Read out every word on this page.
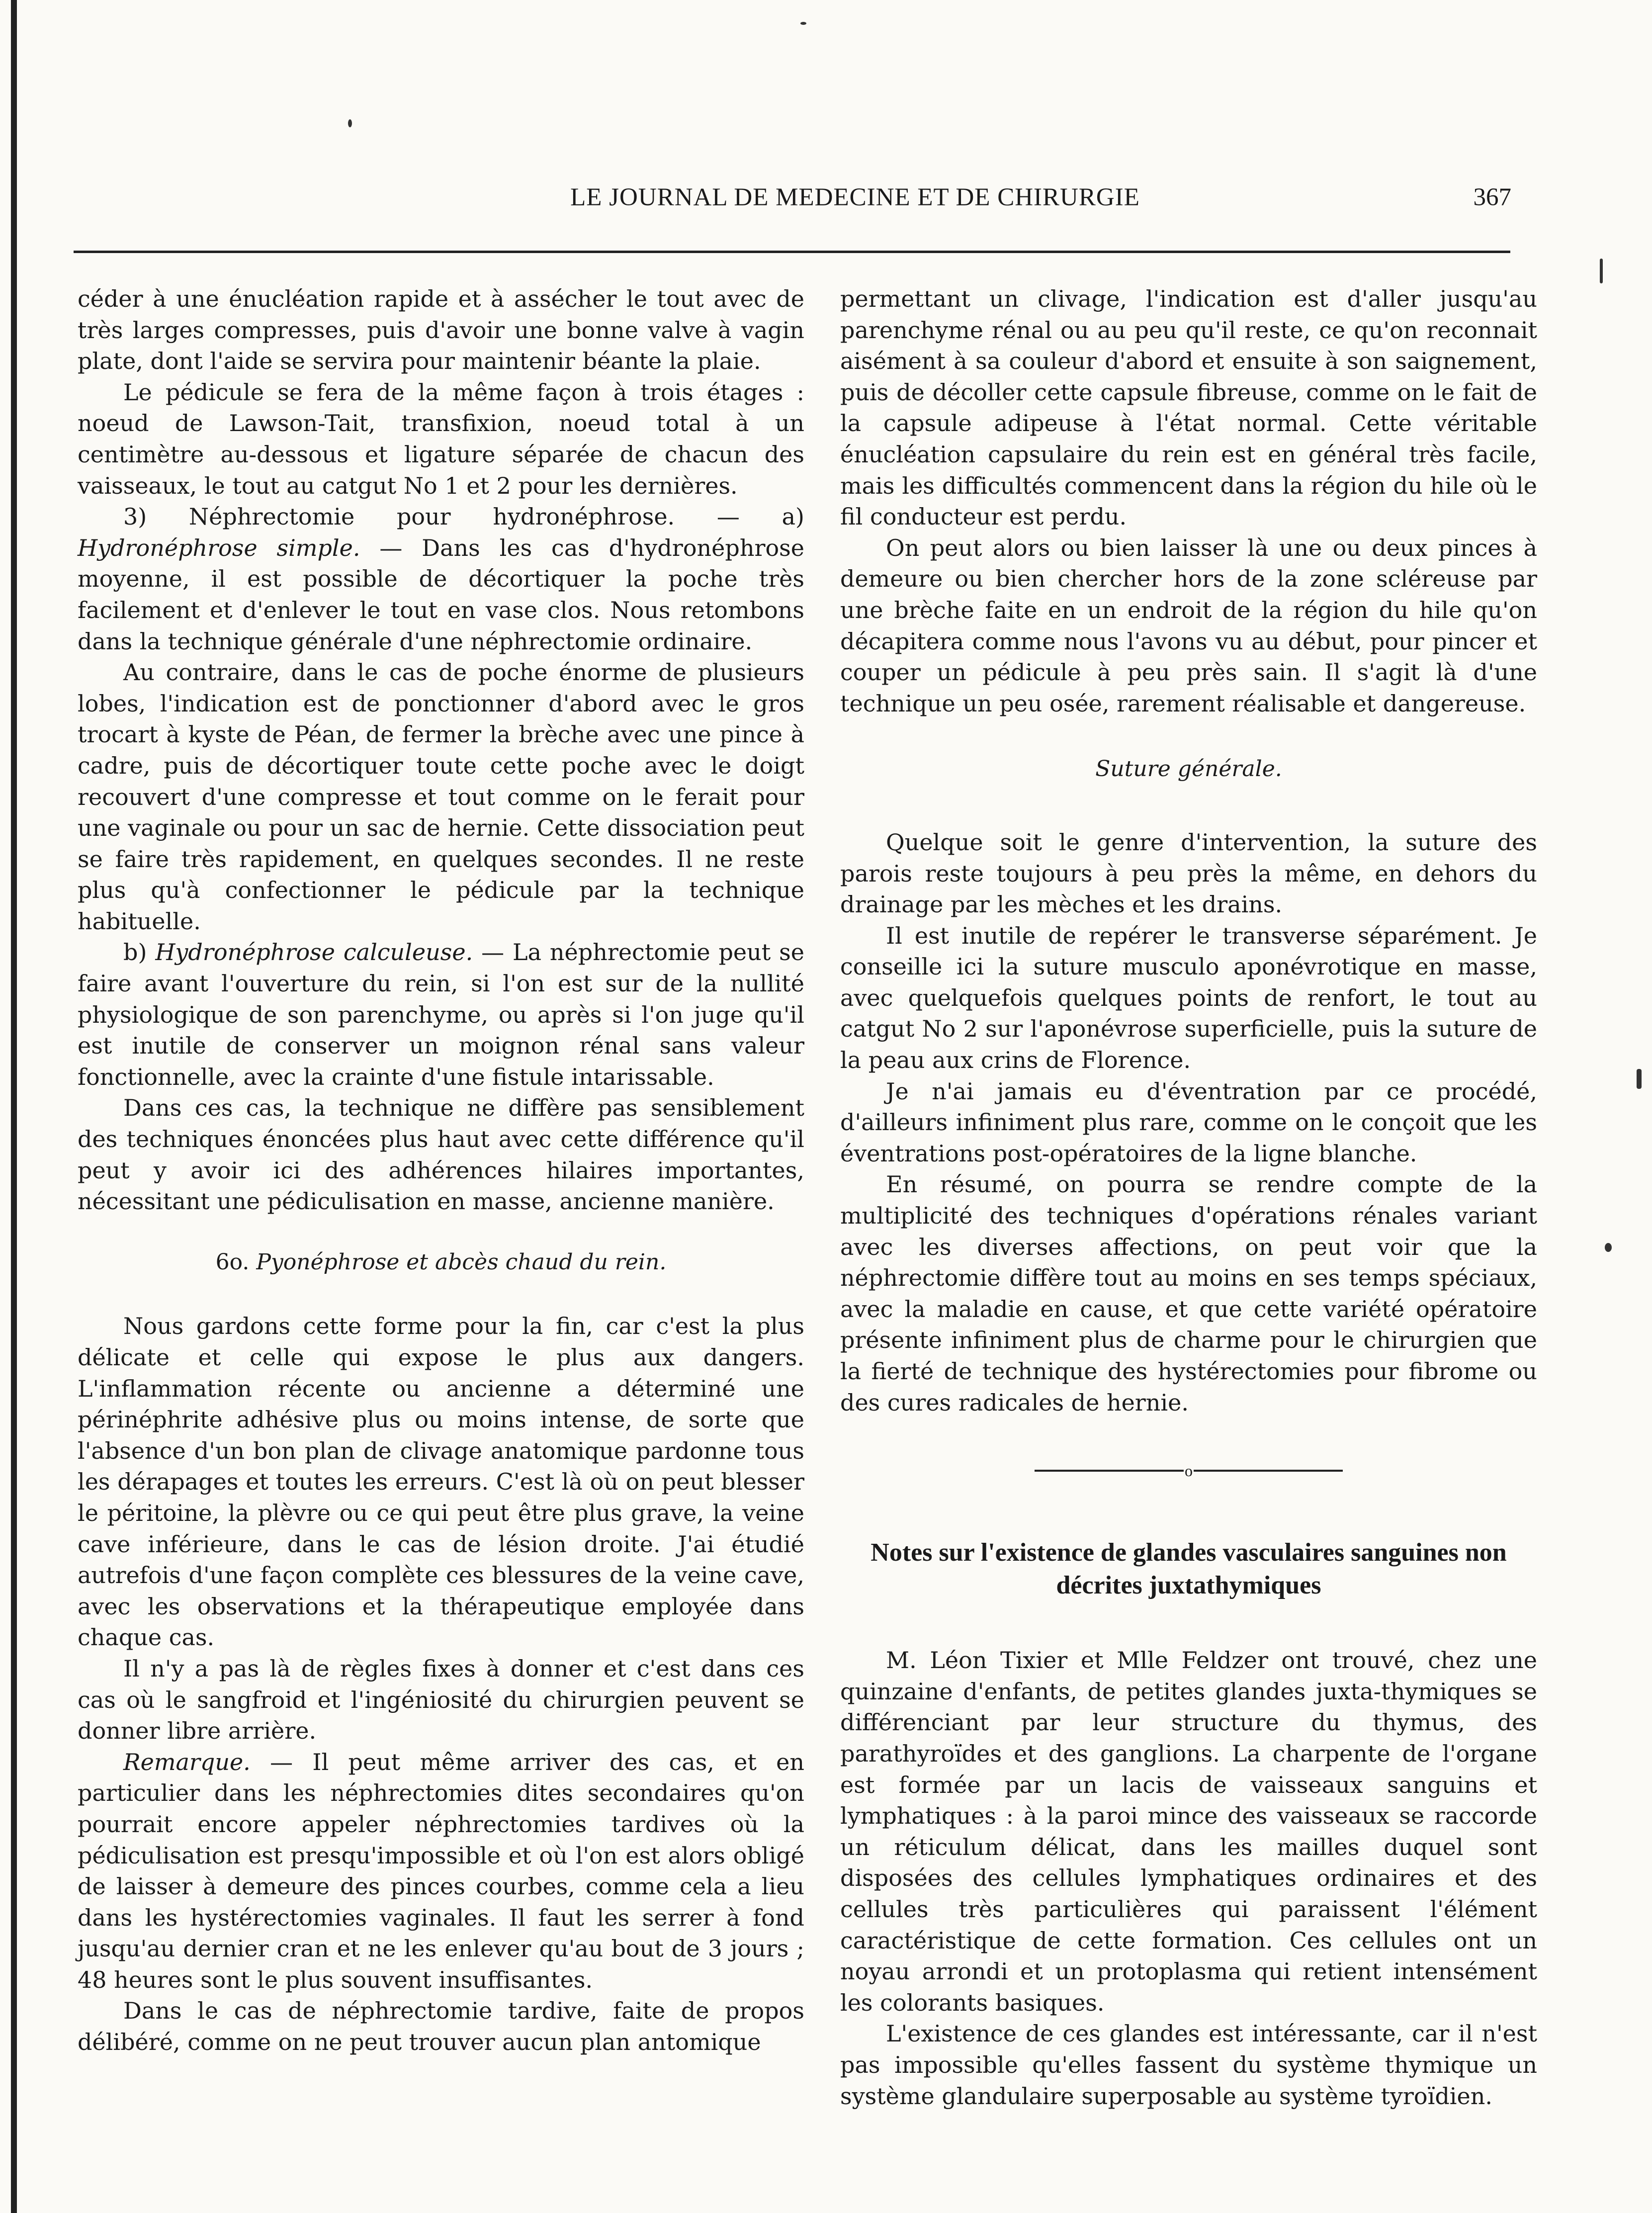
LE JOURNAL DE MEDECINE ET DE CHIRURGIE	367

céder à une énucléation rapide et à assécher le tout avec de très larges compresses, puis d'avoir une bonne valve à vagin plate, dont l'aide se servira pour maintenir béante la plaie.

Le pédicule se fera de la même façon à trois étages : noeud de Lawson-Tait, transfixion, noeud total à un centimètre au-dessous et ligature séparée de chacun des vaisseaux, le tout au catgut No 1 et 2 pour les dernières.

3) Néphrectomie pour hydronéphrose. — a) Hydronéphrose simple. — Dans les cas d'hydronéphrose moyenne, il est possible de décortiquer la poche très facilement et d'enlever le tout en vase clos. Nous retombons dans la technique générale d'une néphrectomie ordinaire.

Au contraire, dans le cas de poche énorme de plusieurs lobes, l'indication est de ponctionner d'abord avec le gros trocart à kyste de Péan, de fermer la brèche avec une pince à cadre, puis de décortiquer toute cette poche avec le doigt recouvert d'une compresse et tout comme on le ferait pour une vaginale ou pour un sac de hernie. Cette dissociation peut se faire très rapidement, en quelques secondes. Il ne reste plus qu'à confectionner le pédicule par la technique habituelle.

b) Hydronéphrose calculeuse. — La néphrectomie peut se faire avant l'ouverture du rein, si l'on est sur de la nullité physiologique de son parenchyme, ou après si l'on juge qu'il est inutile de conserver un moignon rénal sans valeur fonctionnelle, avec la crainte d'une fistule intarissable.

Dans ces cas, la technique ne diffère pas sensiblement des techniques énoncées plus haut avec cette différence qu'il peut y avoir ici des adhérences hilaires importantes, nécessitant une pédiculisation en masse, ancienne manière.

6o. Pyonéphrose et abcès chaud du rein.

Nous gardons cette forme pour la fin, car c'est la plus délicate et celle qui expose le plus aux dangers. L'inflammation récente ou ancienne a déterminé une périnéphrite adhésive plus ou moins intense, de sorte que l'absence d'un bon plan de clivage anatomique pardonne tous les dérapages et toutes les erreurs. C'est là où on peut blesser le péritoine, la plèvre ou ce qui peut être plus grave, la veine cave inférieure, dans le cas de lésion droite. J'ai étudié autrefois d'une façon complète ces blessures de la veine cave, avec les observations et la thérapeutique employée dans chaque cas.

Il n'y a pas là de règles fixes à donner et c'est dans ces cas où le sangfroid et l'ingéniosité du chirurgien peuvent se donner libre arrière.

Remarque. — Il peut même arriver des cas, et en particulier dans les néphrectomies dites secondaires qu'on pourrait encore appeler néphrectomies tardives où la pédiculisation est presqu'impossible et où l'on est alors obligé de laisser à demeure des pinces courbes, comme cela a lieu dans les hystérectomies vaginales. Il faut les serrer à fond jusqu'au dernier cran et ne les enlever qu'au bout de 3 jours ; 48 heures sont le plus souvent insuffisantes.

Dans le cas de néphrectomie tardive, faite de propos délibéré, comme on ne peut trouver aucun plan antomique

permettant un clivage, l'indication est d'aller jusqu'au parenchyme rénal ou au peu qu'il reste, ce qu'on reconnait aisément à sa couleur d'abord et ensuite à son saignement, puis de décoller cette capsule fibreuse, comme on le fait de la capsule adipeuse à l'état normal. Cette véritable énucléation capsulaire du rein est en général très facile, mais les difficultés commencent dans la région du hile où le fil conducteur est perdu.

On peut alors ou bien laisser là une ou deux pinces à demeure ou bien chercher hors de la zone scléreuse par une brèche faite en un endroit de la région du hile qu'on décapitera comme nous l'avons vu au début, pour pincer et couper un pédicule à peu près sain. Il s'agit là d'une technique un peu osée, rarement réalisable et dangereuse.

Suture générale.

Quelque soit le genre d'intervention, la suture des parois reste toujours à peu près la même, en dehors du drainage par les mèches et les drains.

Il est inutile de repérer le transverse séparément. Je conseille ici la suture musculo aponévrotique en masse, avec quelquefois quelques points de renfort, le tout au catgut No 2 sur l'aponévrose superficielle, puis la suture de la peau aux crins de Florence.

Je n'ai jamais eu d'éventration par ce procédé, d'ailleurs infiniment plus rare, comme on le conçoit que les éventrations post-opératoires de la ligne blanche.

En résumé, on pourra se rendre compte de la multiplicité des techniques d'opérations rénales variant avec les diverses affections, on peut voir que la néphrectomie diffère tout au moins en ses temps spéciaux, avec la maladie en cause, et que cette variété opératoire présente infiniment plus de charme pour le chirurgien que la fierté de technique des hystérectomies pour fibrome ou des cures radicales de hernie.

o
Notes sur l'existence de glandes vasculaires sanguines non décrites juxtathymiques

M. Léon Tixier et Mlle Feldzer ont trouvé, chez une quinzaine d'enfants, de petites glandes juxta-thymiques se différenciant par leur structure du thymus, des parathyroïdes et des ganglions. La charpente de l'organe est formée par un lacis de vaisseaux sanguins et lymphatiques : à la paroi mince des vaisseaux se raccorde un réticulum délicat, dans les mailles duquel sont disposées des cellules lymphatiques ordinaires et des cellules très particulières qui paraissent l'élément caractéristique de cette formation. Ces cellules ont un noyau arrondi et un protoplasma qui retient intensément les colorants basiques.

L'existence de ces glandes est intéressante, car il n'est pas impossible qu'elles fassent du système thymique un système glandulaire superposable au système tyroïdien.
